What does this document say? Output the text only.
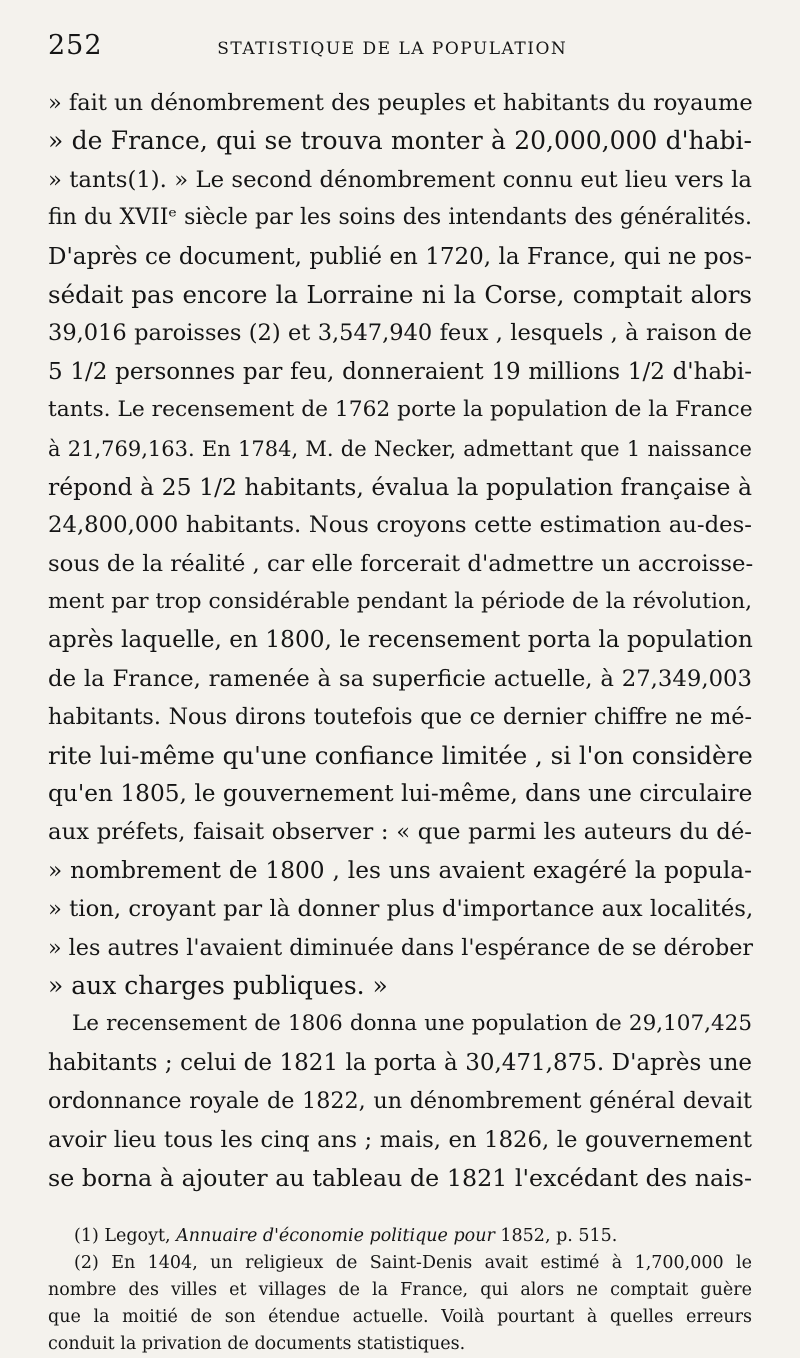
252	STATISTIQUE DE LA POPULATION
» fait un dénombrement des peuples et habitants du royaume
» de France, qui se trouva monter à 20,000,000 d'habi-
» tants(1). » Le second dénombrement connu eut lieu vers la
fin du XVIIᵉ siècle par les soins des intendants des généralités.
D'après ce document, publié en 1720, la France, qui ne pos-
sédait pas encore la Lorraine ni la Corse, comptait alors
39,016 paroisses (2) et 3,547,940 feux , lesquels , à raison de
5 1/2 personnes par feu, donneraient 19 millions 1/2 d'habi-
tants. Le recensement de 1762 porte la population de la France
à 21,769,163. En 1784, M. de Necker, admettant que 1 naissance
répond à 25 1/2 habitants, évalua la population française à
24,800,000 habitants. Nous croyons cette estimation au-des-
sous de la réalité , car elle forcerait d'admettre un accroisse-
ment par trop considérable pendant la période de la révolution,
après laquelle, en 1800, le recensement porta la population
de la France, ramenée à sa superficie actuelle, à 27,349,003
habitants. Nous dirons toutefois que ce dernier chiffre ne mé-
rite lui-même qu'une confiance limitée , si l'on considère
qu'en 1805, le gouvernement lui-même, dans une circulaire
aux préfets, faisait observer : « que parmi les auteurs du dé-
» nombrement de 1800 , les uns avaient exagéré la popula-
» tion, croyant par là donner plus d'importance aux localités,
» les autres l'avaient diminuée dans l'espérance de se dérober
» aux charges publiques. »
Le recensement de 1806 donna une population de 29,107,425
habitants ; celui de 1821 la porta à 30,471,875. D'après une
ordonnance royale de 1822, un dénombrement général devait
avoir lieu tous les cinq ans ; mais, en 1826, le gouvernement
se borna à ajouter au tableau de 1821 l'excédant des nais-
(1) Legoyt, Annuaire d'économie politique pour 1852, p. 515.
(2) En 1404, un religieux de Saint-Denis avait estimé à 1,700,000 le
nombre des villes et villages de la France, qui alors ne comptait guère
que la moitié de son étendue actuelle. Voilà pourtant à quelles erreurs
conduit la privation de documents statistiques.
